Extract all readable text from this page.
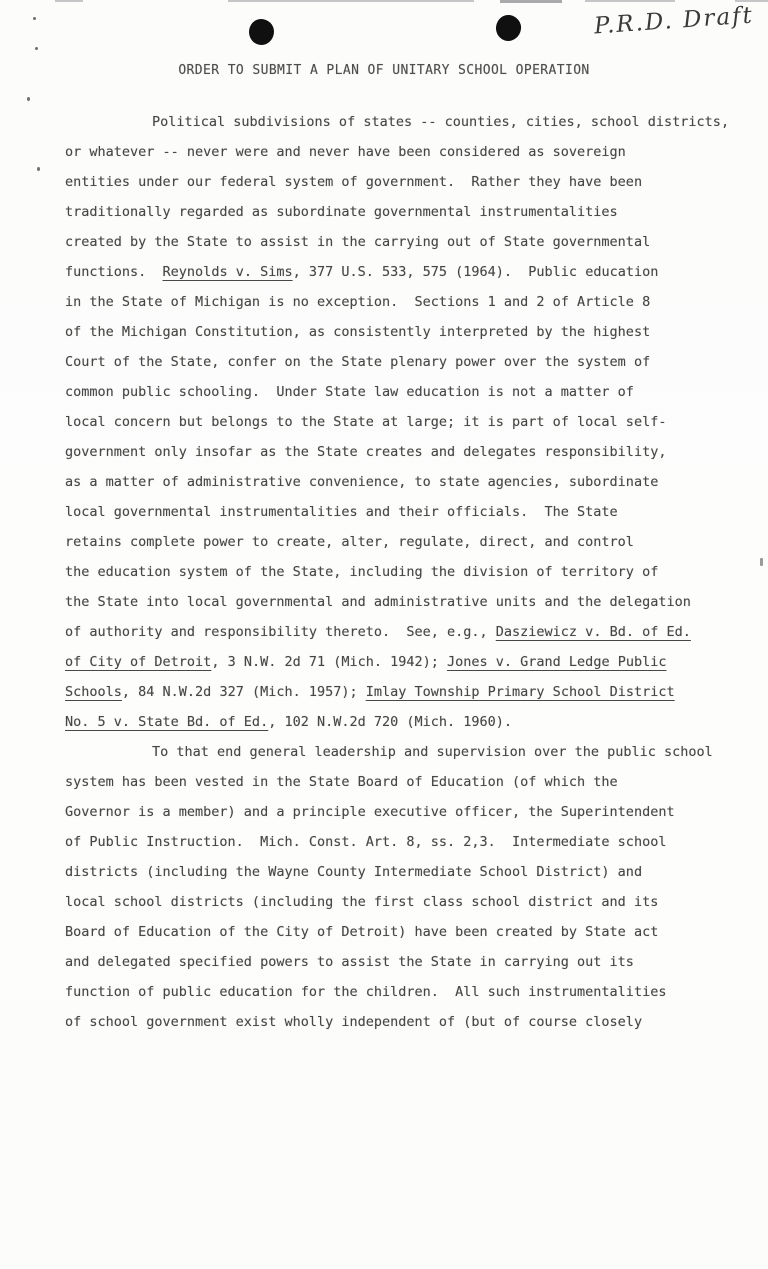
P.R.D. Draft
ORDER TO SUBMIT A PLAN OF UNITARY SCHOOL OPERATION
Political subdivisions of states -- counties, cities, school districts,
or whatever -- never were and never have been considered as sovereign
entities under our federal system of government.  Rather they have been
traditionally regarded as subordinate governmental instrumentalities
created by the State to assist in the carrying out of State governmental
functions.  Reynolds v. Sims, 377 U.S. 533, 575 (1964).  Public education
in the State of Michigan is no exception.  Sections 1 and 2 of Article 8
of the Michigan Constitution, as consistently interpreted by the highest
Court of the State, confer on the State plenary power over the system of
common public schooling.  Under State law education is not a matter of
local concern but belongs to the State at large; it is part of local self-
government only insofar as the State creates and delegates responsibility,
as a matter of administrative convenience, to state agencies, subordinate
local governmental instrumentalities and their officials.  The State
retains complete power to create, alter, regulate, direct, and control
the education system of the State, including the division of territory of
the State into local governmental and administrative units and the delegation
of authority and responsibility thereto.  See, e.g., Dasziewicz v. Bd. of Ed.
of City of Detroit, 3 N.W. 2d 71 (Mich. 1942); Jones v. Grand Ledge Public
Schools, 84 N.W.2d 327 (Mich. 1957); Imlay Township Primary School District
No. 5 v. State Bd. of Ed., 102 N.W.2d 720 (Mich. 1960).
To that end general leadership and supervision over the public school
system has been vested in the State Board of Education (of which the
Governor is a member) and a principle executive officer, the Superintendent
of Public Instruction.  Mich. Const. Art. 8, ss. 2,3.  Intermediate school
districts (including the Wayne County Intermediate School District) and
local school districts (including the first class school district and its
Board of Education of the City of Detroit) have been created by State act
and delegated specified powers to assist the State in carrying out its
function of public education for the children.  All such instrumentalities
of school government exist wholly independent of (but of course closely
